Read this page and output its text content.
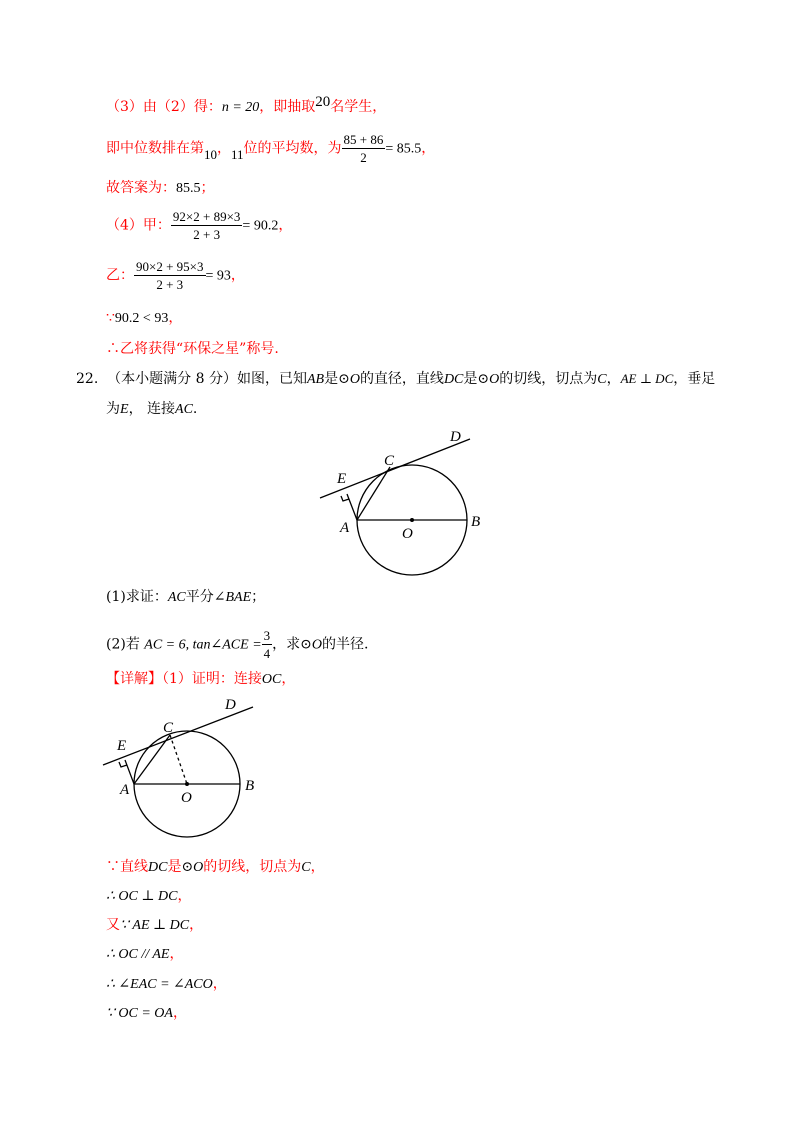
（3）由（2）得：n = 20，即抽取20名学生，
即中位数排在第10，11位的平均数，为 $\frac{85 + 86}{2} = 85.5$，
故答案为：85.5；
（4）甲： $\frac{92\times 2 + 89\times 3}{2 + 3} = 90.2$，
乙： $\frac{90\times 2 + 95\times 3}{2 + 3} = 93$，
∵90.2 < 93，
∴乙将获得“环保之星”称号.
22. （本小题满分 8 分）如图，已知AB是⊙O的直径，直线DC是⊙O的切线，切点为C，AE ⊥ DC，垂足
为E， 连接AC.
D
C
E
A	O
B
(1)求证：AC平分∠BAE；
(2)若 AC = 6, tan∠ACE = $\frac{3}{4}$ ，求⊙O的半径.
【详解】（1）证明：连接OC，
D
C
E
A	O
B
∵直线DC是⊙O的切线，切点为C，
∴ OC ⊥ DC，
又∵ AE ⊥ DC，
∴ OC // AE，
∴ ∠EAC = ∠ACO，
∵ OC = OA，
